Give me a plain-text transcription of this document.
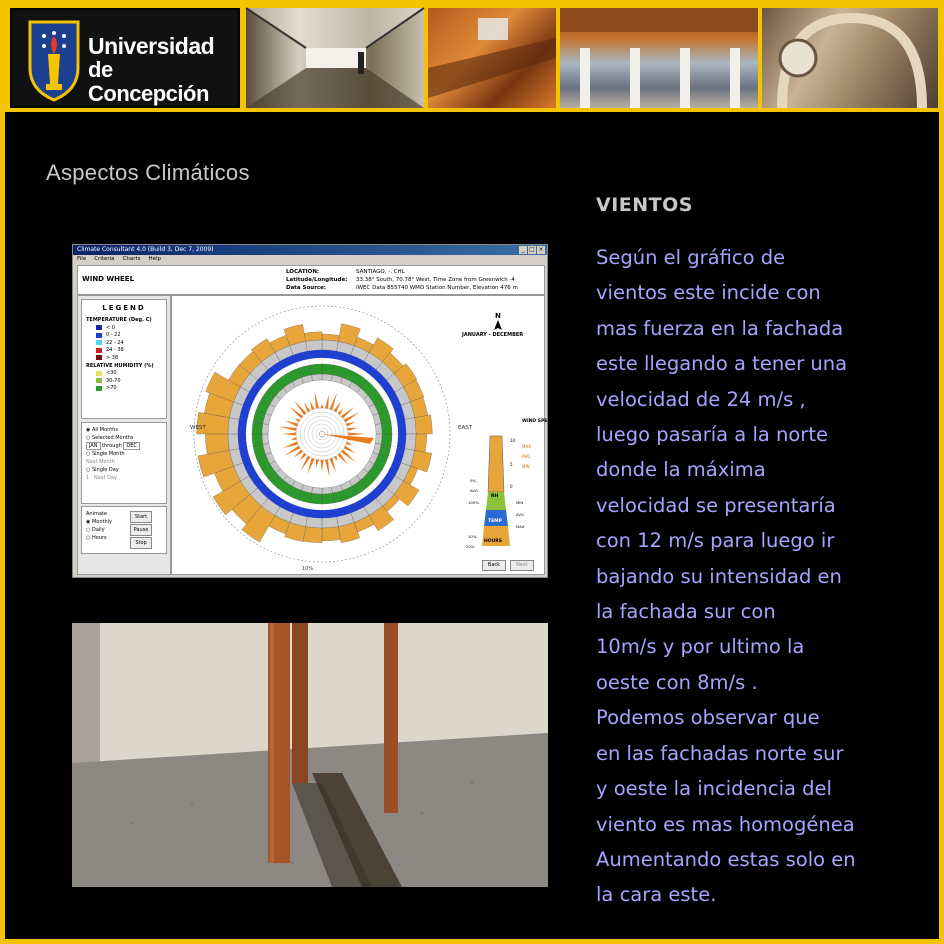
Universidad
de Concepción
Aspectos Climáticos
VIENTOS
Según el gráfico de
vientos este incide con
mas fuerza en la fachada
este llegando a tener una
velocidad de 24 m/s ,
luego pasaría a la norte
donde la máxima
velocidad se presentaría
con 12 m/s para luego ir
bajando su intensidad en
la fachada sur con
10m/s y por ultimo la
oeste con 8m/s .
Podemos observar que
en las fachadas norte sur
y oeste la incidencia del
viento es mas homogénea
Aumentando estas solo en
la cara este.
Climate Consultant 4.0 (Build 3, Dec 7, 2009)	_ □ ×
File Criteria Charts Help
WIND WHEEL
LOCATION:	SANTIAGO, -, CHL
Latitude/Longitude: 33.38° South, 70.78° West, Time Zone from Greenwich -4
Data Source:	IWEC Data 855740 WMO Station Number, Elevation 476 m
LEGEND
TEMPERATURE (Deg. C)
< 0
0 - 22
22 - 24
24 - 38
> 38
RELATIVE HUMIDITY (%)
<30
30-70
>70
◉ All Months
○ Selected Months
JAN through DEC
○ Single Month
Next Month
○ Single Day
1 Next Day
Animate
◉ Monthly
○ Daily
○ Hours
Start
Pause
Stop
10%
WEST	EAST
N
JANUARY - DECEMBER
WIND SPEED (m/s)
10
5
0
MAX
AVG
MIN
RH
TEMP
HOURS
0%
AVG
100%
10%
20%
MIN
AVG
MAX
Back	Next
